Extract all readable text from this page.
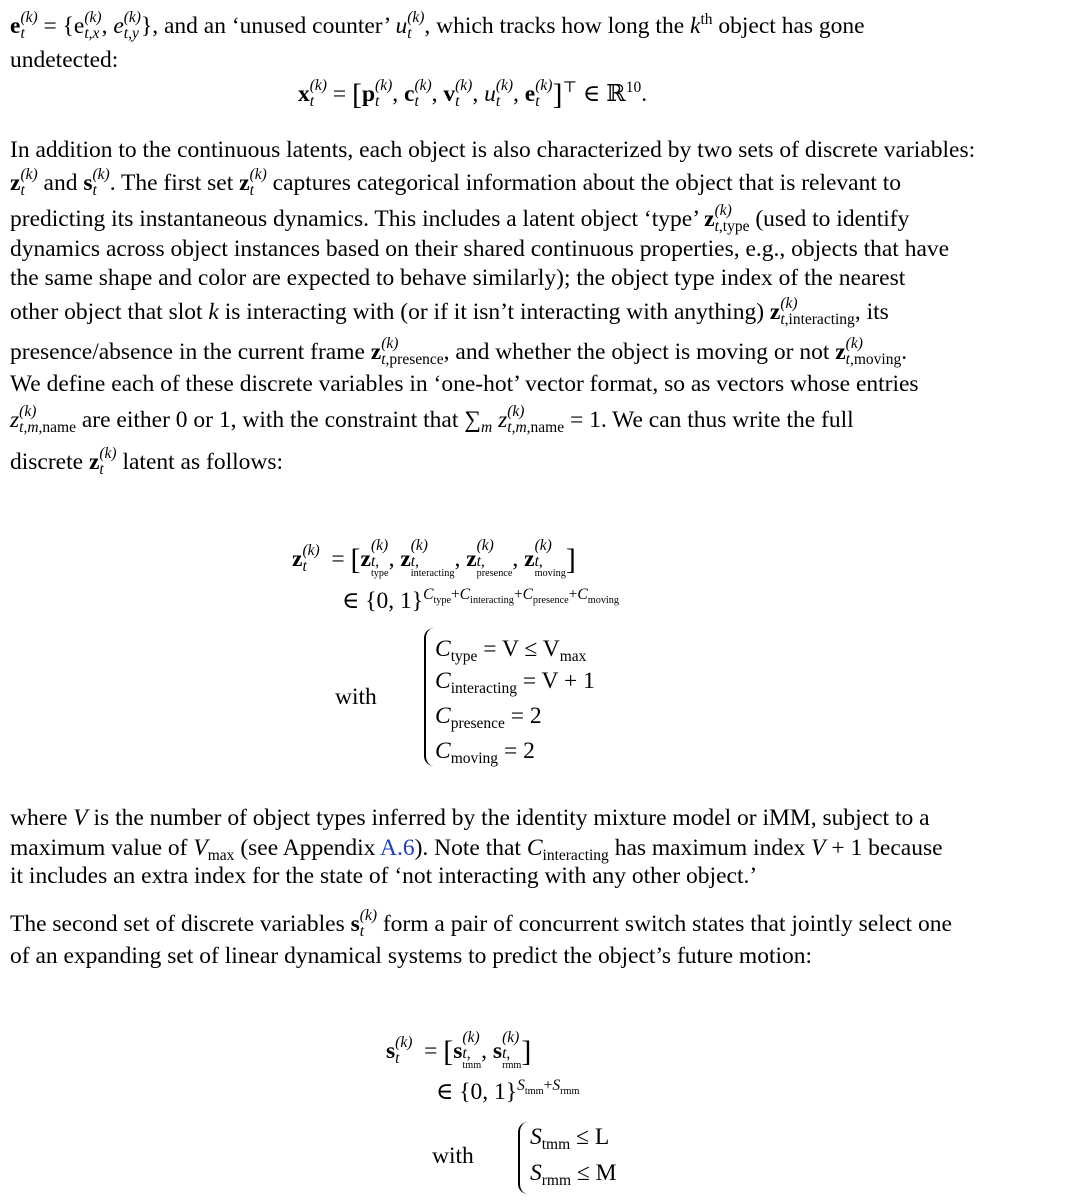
e (k)
t = {e (k)
t,x , e (k)
t,y }, and an ‘unused counter’ u (k)
t , which tracks how long the $k^{th}$ object has gone

undetected:
x (k)
t = [p (k)
t , c (k)
t , v (k)
t , u (k)
t , e (k)
t ]⊤ ∈ ℝ$^{10}$.
In addition to the continuous latents, each object is also characterized by two sets of discrete variables:
z (k)
t and s (k)
t . The first set z (k)
t captures categorical information about the object that is relevant to
predicting its instantaneous dynamics. This includes a latent object ‘type’ z (k)
t,type (used to identify
dynamics across object instances based on their shared continuous properties, e.g., objects that have
the same shape and color are expected to behave similarly); the object type index of the nearest
other object that slot k is interacting with (or if it isn’t interacting with anything) z (k)
t,interacting , its
presence/absence in the current frame z (k)
t,presence , and whether the object is moving or not z (k)
t,moving .
We define each of these discrete variables in ‘one-hot’ vector format, so as vectors whose entries
z (k)
t,m,name are either 0 or 1, with the constraint that $\sum_m$ z (k)
t,m,name = 1. We can thus write the full
discrete z (k)
t latent as follows:
z (k)
t = [z
(k)
t,
type
, z
(k)
t,
interacting
, z
(k)
t,
presence
, z
(k)
t,
moving ]
∈ {0, 1}$^{C_{type}+C_{interacting}+C_{presence}+C_{moving}}$
with
$C_{type} = V \le V_{max}$
$C_{interacting} = V + 1$
$C_{presence} = 2$
$C_{moving} = 2$
where V is the number of object types inferred by the identity mixture model or iMM, subject to a
maximum value of $V_{max}$ (see Appendix A.6). Note that $C_{interacting}$ has maximum index V + 1 because
it includes an extra index for the state of ‘not interacting with any other object.’
The second set of discrete variables s (k)
t form a pair of concurrent switch states that jointly select one
of an expanding set of linear dynamical systems to predict the object’s future motion:
s (k)
t = [s
(k)
t,
tmm
, s
(k)
t,
rmm ]
∈ {0, 1}$^{S_{tmm}+S_{rmm}}$
with
$S_{tmm} \le L$
$S_{rmm} \le M$
